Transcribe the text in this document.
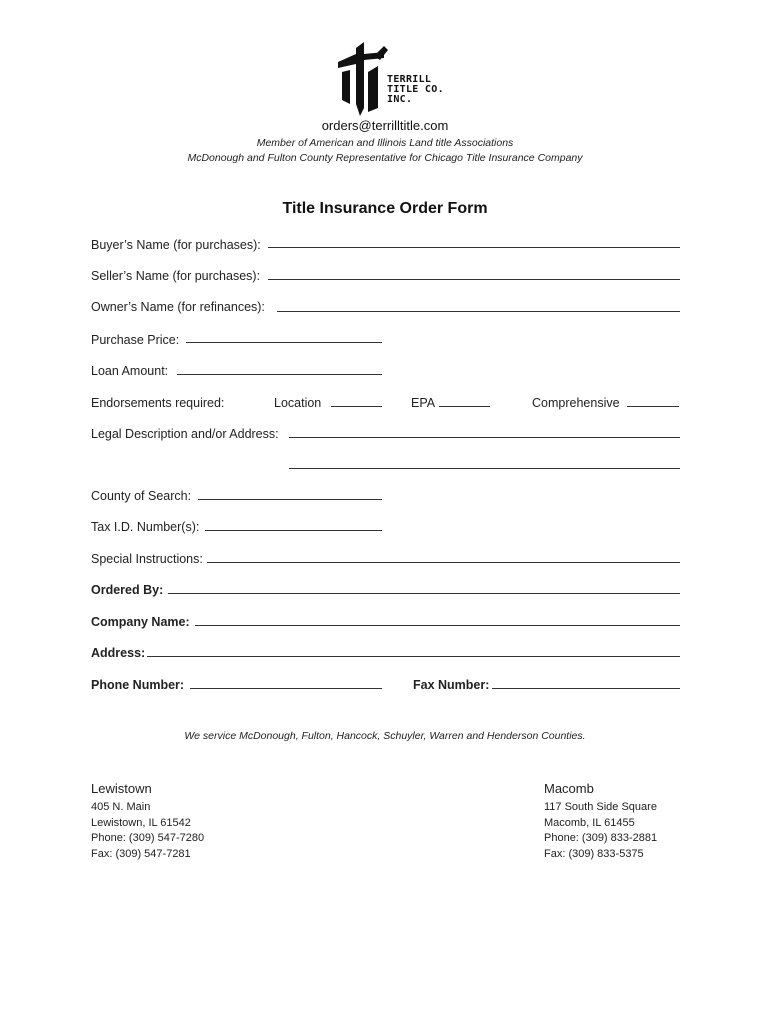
TERRILL
TITLE CO.
INC.
orders@terrilltitle.com
Member of American and Illinois Land title Associations
McDonough and Fulton County Representative for Chicago Title Insurance Company
Title Insurance Order Form
Buyer’s Name (for purchases):
Seller’s Name (for purchases):
Owner’s Name (for refinances):
Purchase Price:
Loan Amount:
Endorsements required:	Location	EPA	Comprehensive
Legal Description and/or Address:
County of Search:
Tax I.D. Number(s):
Special Instructions:
Ordered By:
Company Name:
Address:
Phone Number:	Fax Number:
We service McDonough, Fulton, Hancock, Schuyler, Warren and Henderson Counties.
Lewistown
405 N. Main
Lewistown, IL 61542
Phone: (309) 547-7280
Fax: (309) 547-7281
Macomb
117 South Side Square
Macomb, IL 61455
Phone: (309) 833-2881
Fax: (309) 833-5375
